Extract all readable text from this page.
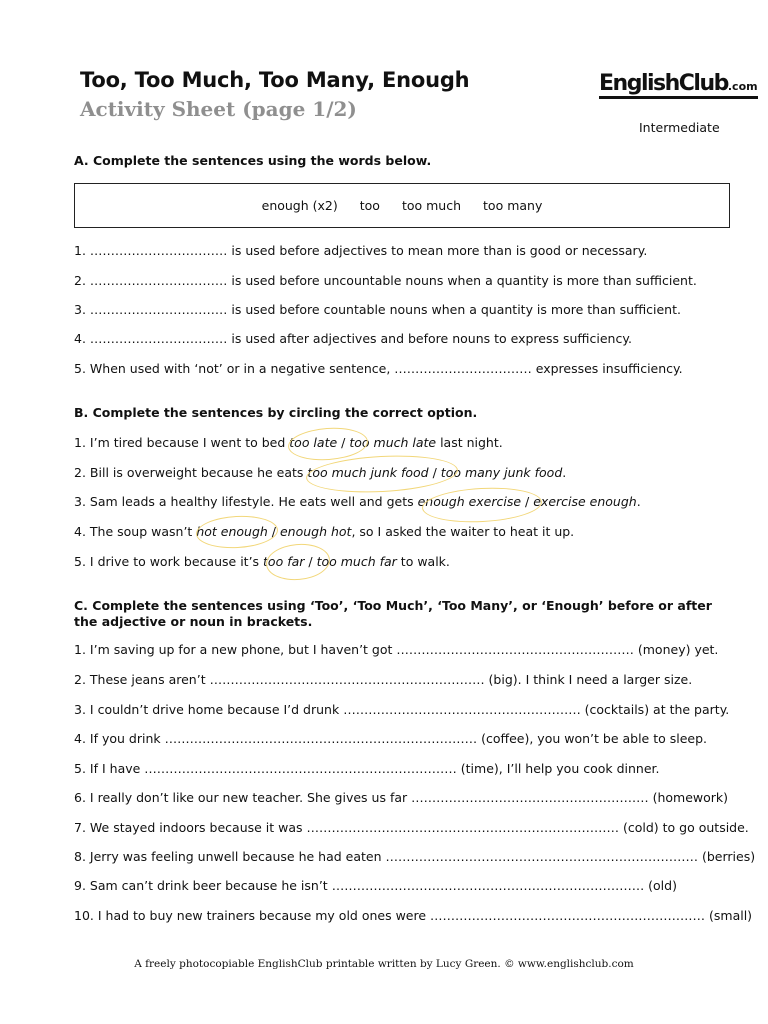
Too, Too Much, Too Many, Enough
Activity Sheet (page 1/2)
EnglishClub.com
Intermediate

A. Complete the sentences using the words below.

enough (x2) too too much too many

1. …………………………… is used before adjectives to mean more than is good or necessary.

2. …………………………… is used before uncountable nouns when a quantity is more than sufficient.

3. …………………………… is used before countable nouns when a quantity is more than sufficient.

4. …………………………… is used after adjectives and before nouns to express sufficiency.

5. When used with ‘not’ or in a negative sentence, …………………………… expresses insufficiency.

B. Complete the sentences by circling the correct option.

1. I’m tired because I went to bed too late / too much late last night.

2. Bill is overweight because he eats too much junk food / too many junk food.

3. Sam leads a healthy lifestyle. He eats well and gets enough exercise / exercise enough.

4. The soup wasn’t hot enough / enough hot, so I asked the waiter to heat it up.

5. I drive to work because it’s too far / too much far to walk.

C. Complete the sentences using ‘Too’, ‘Too Much’, ‘Too Many’, or ‘Enough’ before or after the adjective or noun in brackets.

1. I’m saving up for a new phone, but I haven’t got ………………………………………………… (money) yet.

2. These jeans aren’t ………………………………………………………… (big). I think I need a larger size.

3. I couldn’t drive home because I’d drunk ………………………………………………… (cocktails) at the party.

4. If you drink ………………………………………………………………… (coffee), you won’t be able to sleep.

5. If I have ………………………………………………………………… (time), I’ll help you cook dinner.

6. I really don’t like our new teacher. She gives us far ………………………………………………… (homework)

7. We stayed indoors because it was ………………………………………………………………… (cold) to go outside.

8. Jerry was feeling unwell because he had eaten ………………………………………………………………… (berries)

9. Sam can’t drink beer because he isn’t ………………………………………………………………… (old)

10. I had to buy new trainers because my old ones were ………………………………………………………… (small)

A freely photocopiable EnglishClub printable written by Lucy Green. © www.englishclub.com
